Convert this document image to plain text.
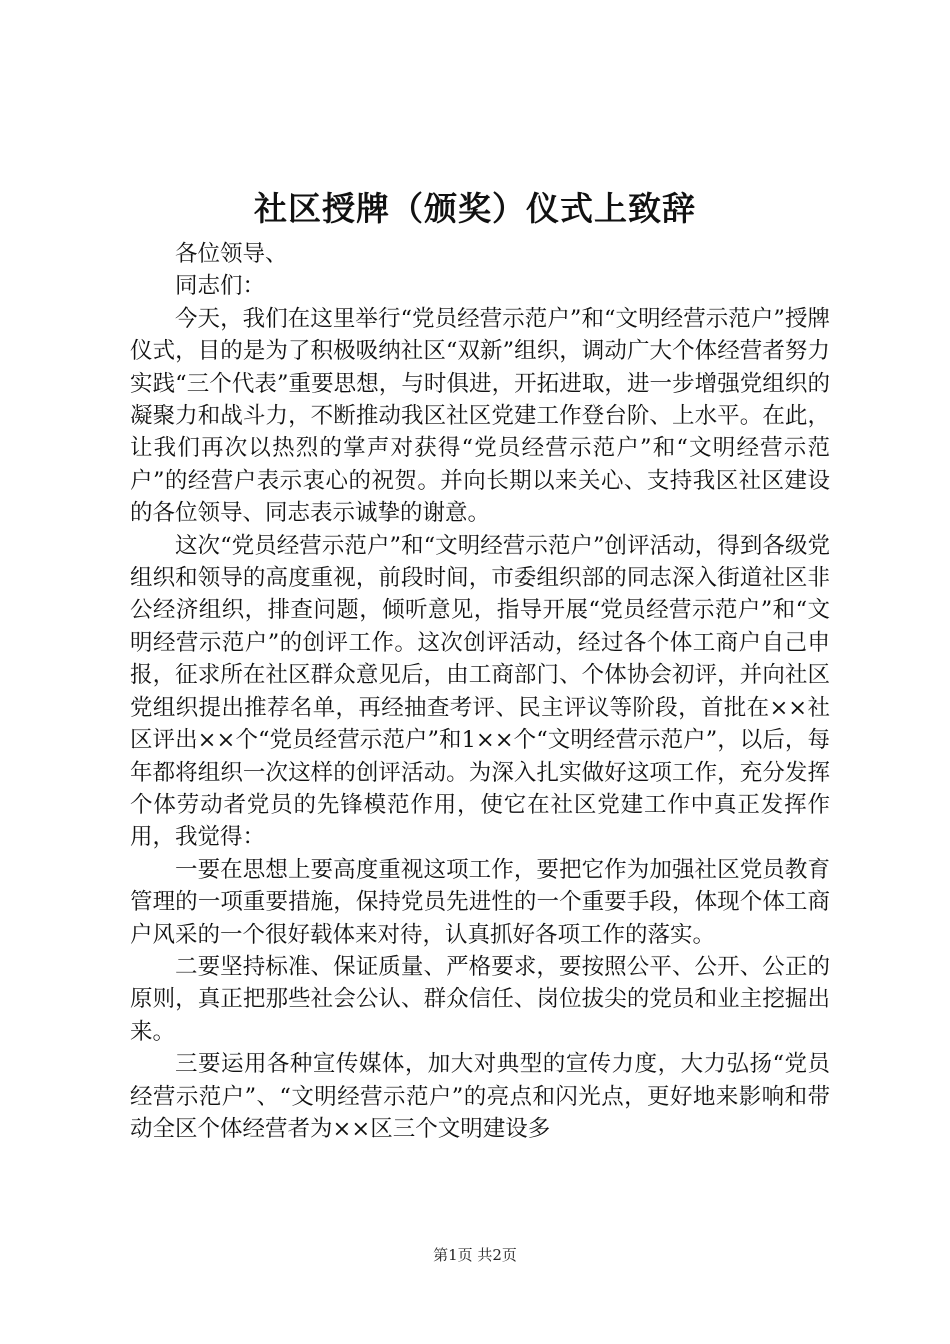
社区授牌（颁奖）仪式上致辞

各位领导、

同志们：

今天，我们在这里举行“党员经营示范户”和“文明经营示范户”授牌仪式，目的是为了积极吸纳社区“双新”组织，调动广大个体经营者努力实践“三个代表”重要思想，与时俱进，开拓进取，进一步增强党组织的凝聚力和战斗力，不断推动我区社区党建工作登台阶、上水平。在此，让我们再次以热烈的掌声对获得“党员经营示范户”和“文明经营示范户”的经营户表示衷心的祝贺。并向长期以来关心、支持我区社区建设的各位领导、同志表示诚挚的谢意。

这次“党员经营示范户”和“文明经营示范户”创评活动，得到各级党组织和领导的高度重视，前段时间，市委组织部的同志深入街道社区非公经济组织，排查问题，倾听意见，指导开展“党员经营示范户”和“文明经营示范户”的创评工作。这次创评活动，经过各个体工商户自己申报，征求所在社区群众意见后，由工商部门、个体协会初评，并向社区党组织提出推荐名单，再经抽查考评、民主评议等阶段，首批在××社区评出××个“党员经营示范户”和1××个“文明经营示范户”，以后，每年都将组织一次这样的创评活动。为深入扎实做好这项工作，充分发挥个体劳动者党员的先锋模范作用，使它在社区党建工作中真正发挥作用，我觉得：

一要在思想上要高度重视这项工作，要把它作为加强社区党员教育管理的一项重要措施，保持党员先进性的一个重要手段，体现个体工商户风采的一个很好载体来对待，认真抓好各项工作的落实。

二要坚持标准、保证质量、严格要求，要按照公平、公开、公正的原则，真正把那些社会公认、群众信任、岗位拔尖的党员和业主挖掘出来。

三要运用各种宣传媒体，加大对典型的宣传力度，大力弘扬“党员经营示范户”、“文明经营示范户”的亮点和闪光点，更好地来影响和带动全区个体经营者为××区三个文明建设多

第1页 共2页
